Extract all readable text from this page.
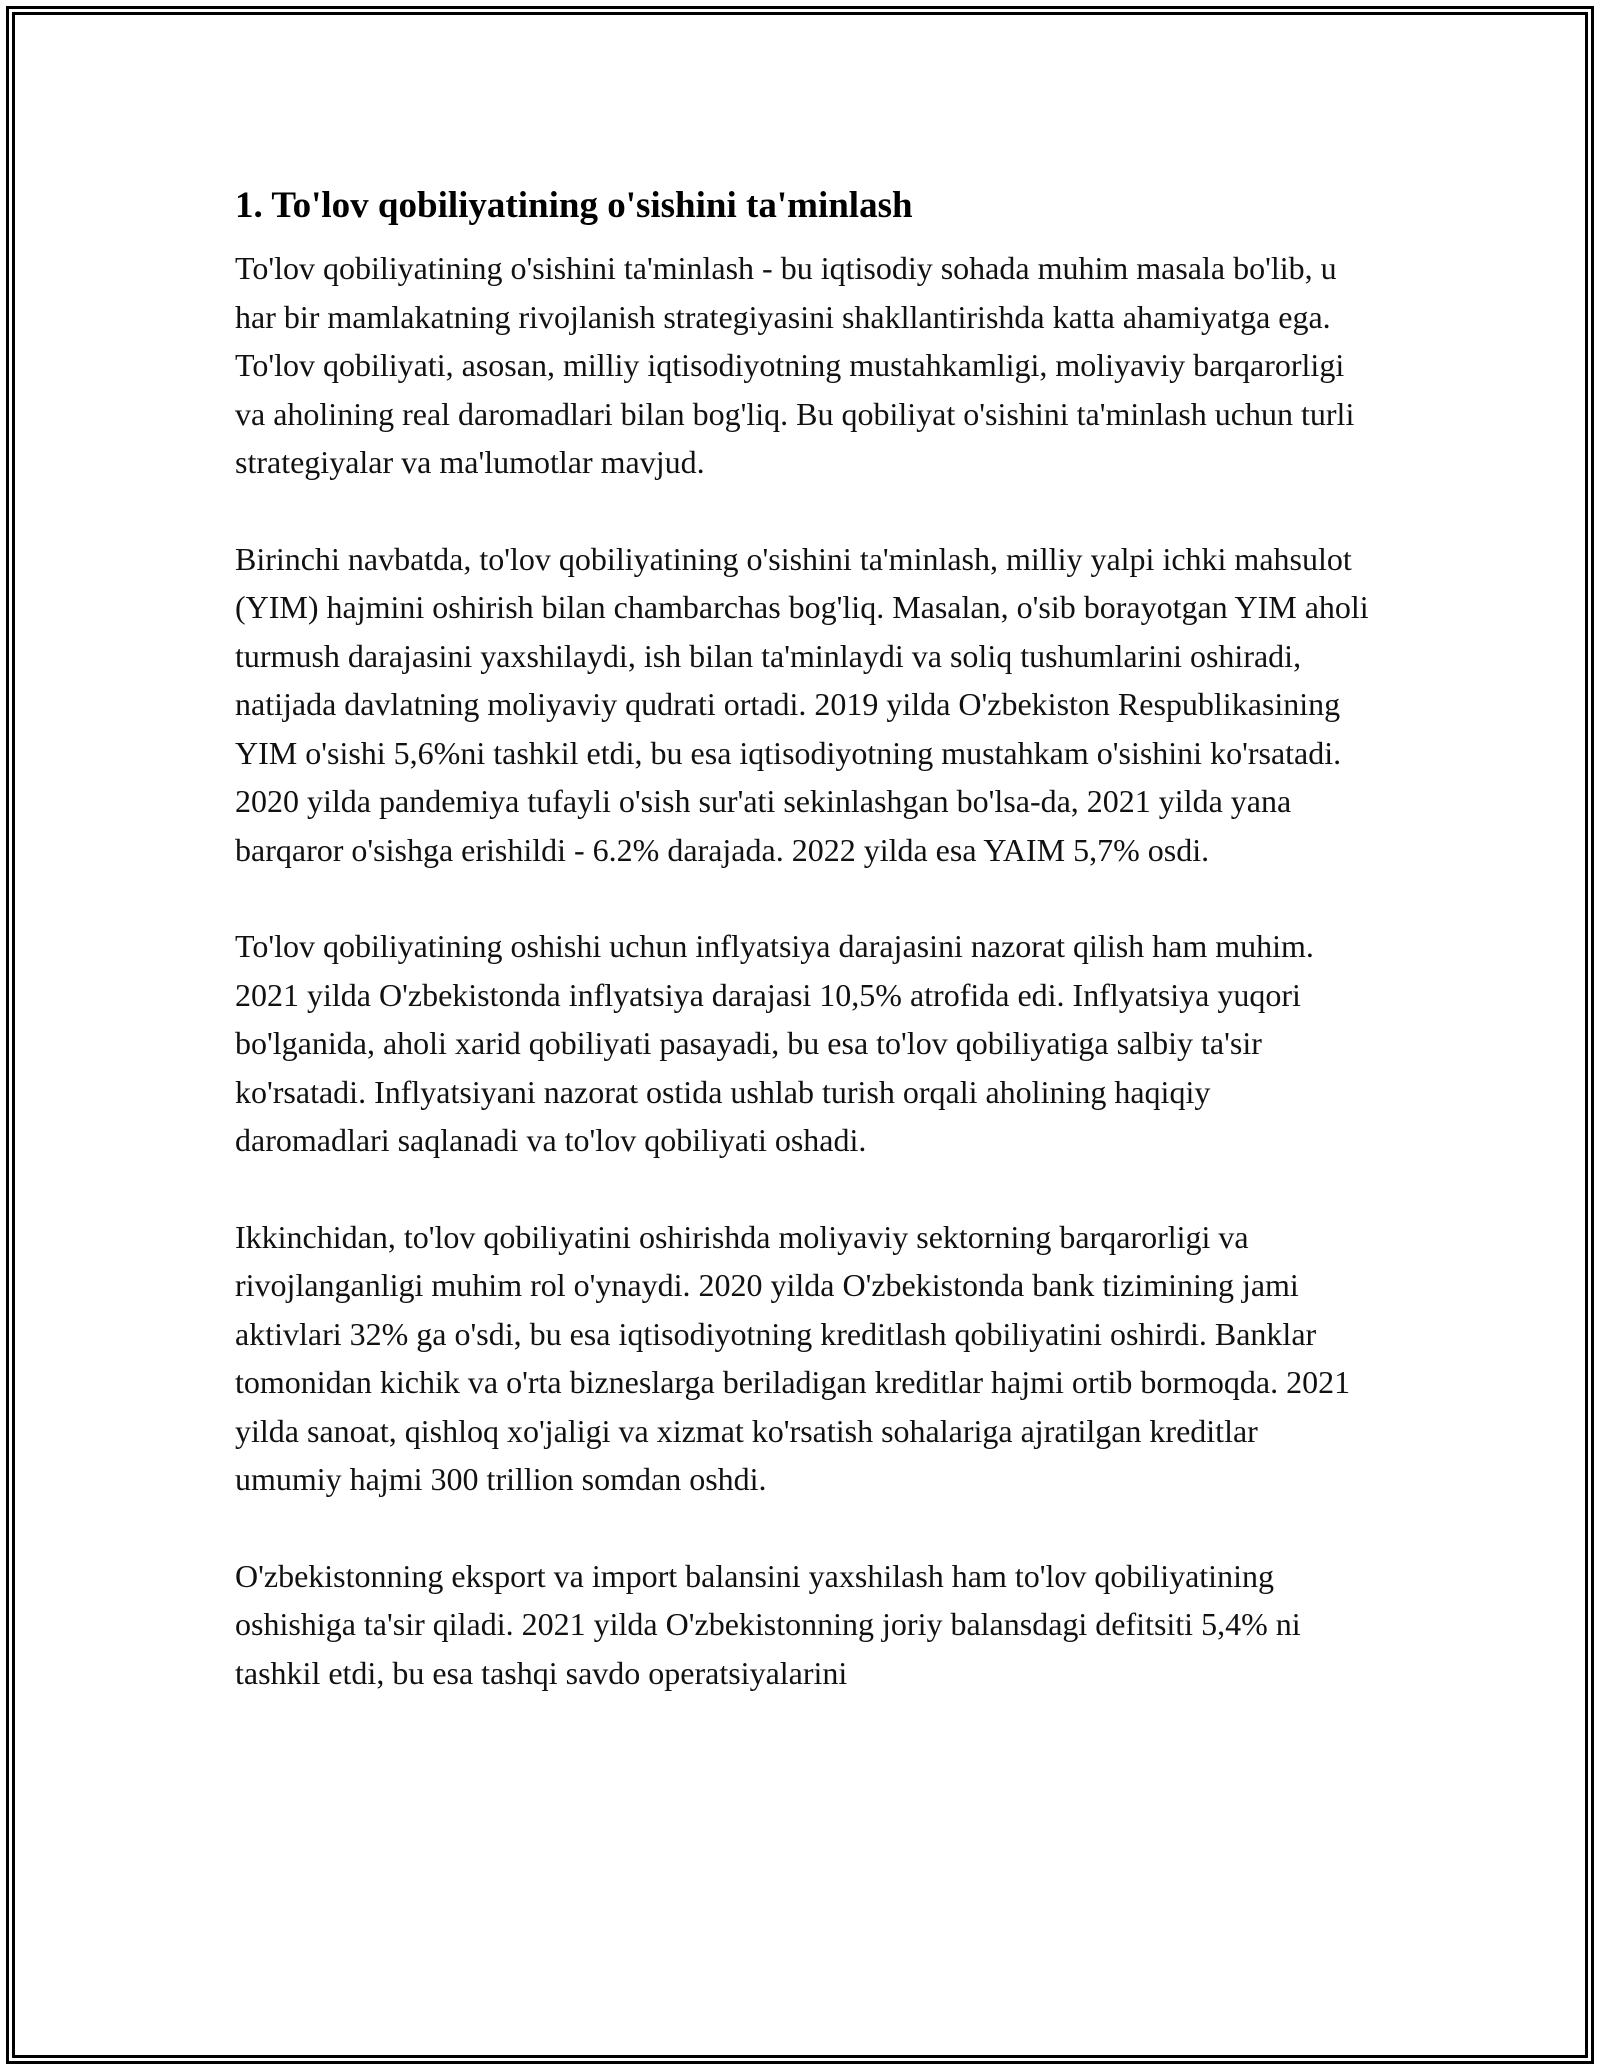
1. To'lov qobiliyatining o'sishini ta'minlash

To'lov qobiliyatining o'sishini ta'minlash - bu iqtisodiy sohada muhim masala bo'lib, u har bir mamlakatning rivojlanish strategiyasini shakllantirishda katta ahamiyatga ega. To'lov qobiliyati, asosan, milliy iqtisodiyotning mustahkamligi, moliyaviy barqarorligi va aholining real daromadlari bilan bog'liq. Bu qobiliyat o'sishini ta'minlash uchun turli strategiyalar va ma'lumotlar mavjud.

Birinchi navbatda, to'lov qobiliyatining o'sishini ta'minlash, milliy yalpi ichki mahsulot (YIM) hajmini oshirish bilan chambarchas bog'liq. Masalan, o'sib borayotgan YIM aholi turmush darajasini yaxshilaydi, ish bilan ta'minlaydi va soliq tushumlarini oshiradi, natijada davlatning moliyaviy qudrati ortadi. 2019 yilda O'zbekiston Respublikasining YIM o'sishi 5,6%ni tashkil etdi, bu esa iqtisodiyotning mustahkam o'sishini ko'rsatadi. 2020 yilda pandemiya tufayli o'sish sur'ati sekinlashgan bo'lsa-da, 2021 yilda yana barqaror o'sishga erishildi - 6.2% darajada. 2022 yilda esa YAIM 5,7% osdi.

To'lov qobiliyatining oshishi uchun inflyatsiya darajasini nazorat qilish ham muhim. 2021 yilda O'zbekistonda inflyatsiya darajasi 10,5% atrofida edi. Inflyatsiya yuqori bo'lganida, aholi xarid qobiliyati pasayadi, bu esa to'lov qobiliyatiga salbiy ta'sir ko'rsatadi. Inflyatsiyani nazorat ostida ushlab turish orqali aholining haqiqiy daromadlari saqlanadi va to'lov qobiliyati oshadi.

Ikkinchidan, to'lov qobiliyatini oshirishda moliyaviy sektorning barqarorligi va rivojlanganligi muhim rol o'ynaydi. 2020 yilda O'zbekistonda bank tizimining jami aktivlari 32% ga o'sdi, bu esa iqtisodiyotning kreditlash qobiliyatini oshirdi. Banklar tomonidan kichik va o'rta bizneslarga beriladigan kreditlar hajmi ortib bormoqda. 2021 yilda sanoat, qishloq xo'jaligi va xizmat ko'rsatish sohalariga ajratilgan kreditlar umumiy hajmi 300 trillion somdan oshdi.

O'zbekistonning eksport va import balansini yaxshilash ham to'lov qobiliyatining oshishiga ta'sir qiladi. 2021 yilda O'zbekistonning joriy balansdagi defitsiti 5,4% ni tashkil etdi, bu esa tashqi savdo operatsiyalarini
